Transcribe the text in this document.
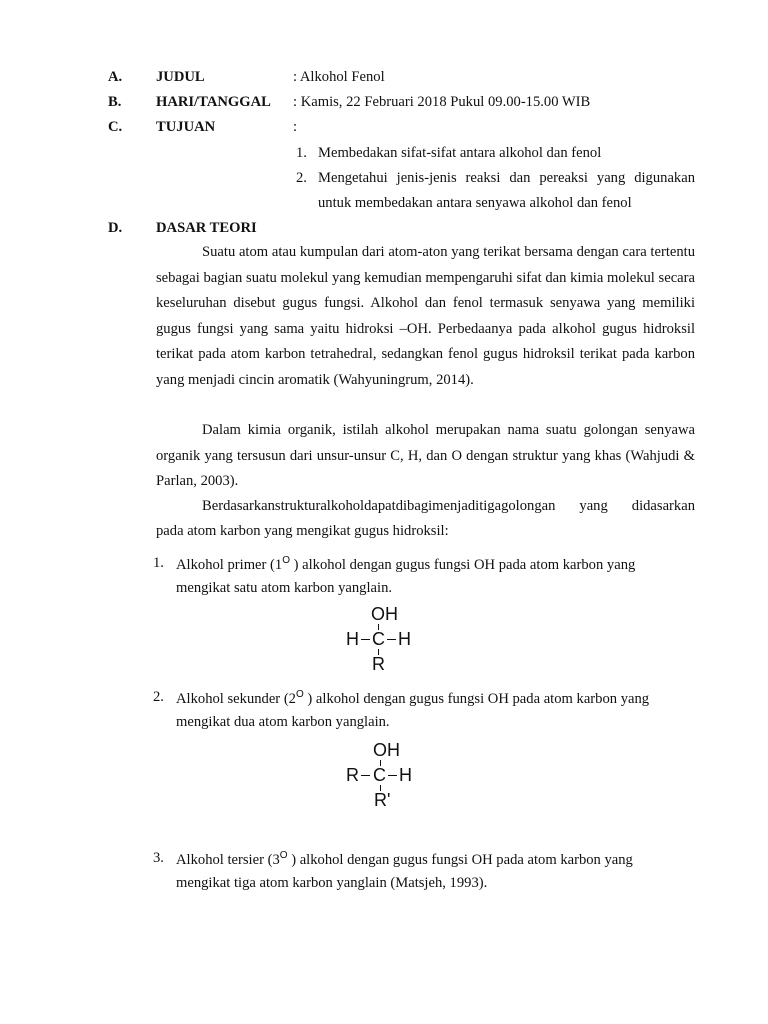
A. JUDUL	: Alkohol Fenol
B. HARI/TANGGAL : Kamis, 22 Februari 2018 Pukul 09.00-15.00 WIB
C. TUJUAN	:
1. Membedakan sifat-sifat antara alkohol dan fenol
2. Mengetahui jenis-jenis reaksi dan pereaksi yang digunakan
untuk membedakan antara senyawa alkohol dan fenol
D. DASAR TEORI

Suatu atom atau kumpulan dari atom-aton yang terikat bersama dengan cara tertentu sebagai bagian suatu molekul yang kemudian mempengaruhi sifat dan kimia molekul secara keseluruhan disebut gugus fungsi. Alkohol dan fenol termasuk senyawa yang memiliki gugus fungsi yang sama yaitu hidroksi –OH. Perbedaanya pada alkohol gugus hidroksil terikat pada atom karbon tetrahedral, sedangkan fenol gugus hidroksil terikat pada karbon yang menjadi cincin aromatik (Wahyuningrum, 2014).

Dalam kimia organik, istilah alkohol merupakan nama suatu golongan senyawa organik yang tersusun dari unsur-unsur C, H, dan O dengan struktur yang khas (Wahjudi & Parlan, 2003).

Berdasarkanstrukturalkoholdapatdibagimenjaditigagolongan yang didasarkan
pada atom karbon yang mengikat gugus hidroksil:
1. Alkohol primer ($1^O$ ) alkohol dengan gugus fungsi OH pada atom karbon yang
mengikat satu atom karbon yanglain.
OH
H C H
R
2. Alkohol sekunder ($2^O$ ) alkohol dengan gugus fungsi OH pada atom karbon yang
mengikat dua atom karbon yanglain.
OH
R C H
R'
3. Alkohol tersier ($3^O$ ) alkohol dengan gugus fungsi OH pada atom karbon yang
mengikat tiga atom karbon yanglain (Matsjeh, 1993).
